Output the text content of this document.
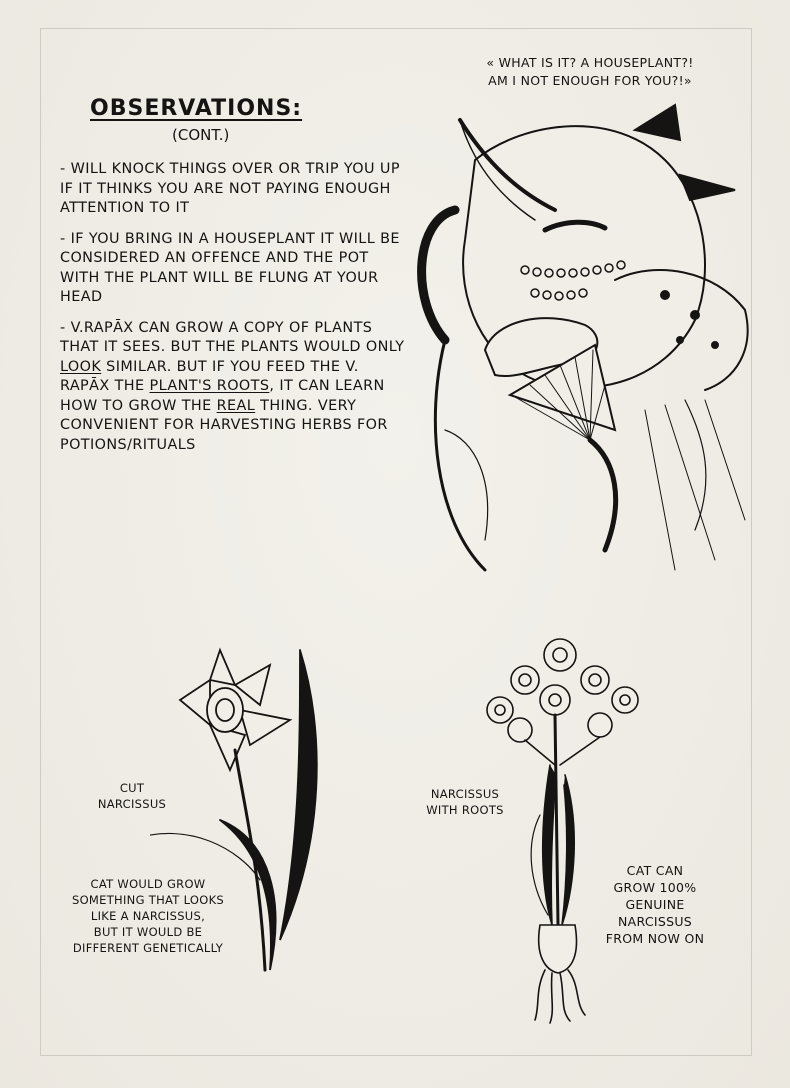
OBSERVATIONS:
(CONT.)
« WHAT IS IT? A HOUSEPLANT?!
AM I NOT ENOUGH FOR YOU?!»

- WILL KNOCK THINGS OVER OR TRIP YOU UP IF IT THINKS YOU ARE NOT PAYING ENOUGH ATTENTION TO IT

- IF YOU BRING IN A HOUSEPLANT IT WILL BE CONSIDERED AN OFFENCE AND THE POT WITH THE PLANT WILL BE FLUNG AT YOUR HEAD

- V.RAPĀX CAN GROW A COPY OF PLANTS THAT IT SEES. BUT THE PLANTS WOULD ONLY LOOK SIMILAR. BUT IF YOU FEED THE V. RAPĀX THE PLANT'S ROOTS, IT CAN LEARN HOW TO GROW THE REAL THING. VERY CONVENIENT FOR HARVESTING HERBS FOR POTIONS/RITUALS

CUT
NARCISSUS
CAT WOULD GROW
SOMETHING THAT LOOKS
LIKE A NARCISSUS,
BUT IT WOULD BE
DIFFERENT GENETICALLY
NARCISSUS
WITH ROOTS
CAT CAN
GROW 100%
GENUINE
NARCISSUS
FROM NOW ON
